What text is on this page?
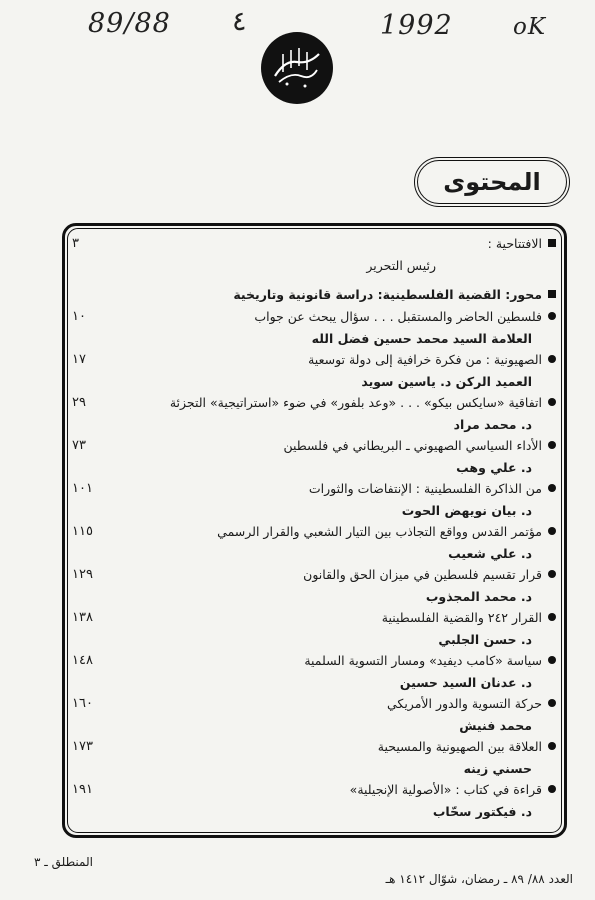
89/88 ٤	1992	oK
المحتوى
الافتتاحية :
٣
رئيس التحرير
محور: القضية الفلسطينية: دراسة قانونية وتاريخية
فلسطين الحاضر والمستقبل . . . سؤال يبحث عن جواب
١٠
العلامة السيد محمد حسين فضل الله
الصهيونية : من فكرة خرافية إلى دولة توسعية
١٧
العميد الركن د. ياسين سويد
اتفاقية «سايكس بيكو» . . . «وعد بلفور» في ضوء «استراتيجية» التجزئة
٢٩
د. محمد مراد
الأداء السياسي الصهيوني ـ البريطاني في فلسطين
٧٣
د. علي وهب
من الذاكرة الفلسطينية : الإنتفاضات والثورات
١٠١
د. بيان نويهض الحوت
مؤتمر القدس وواقع التجاذب بين التيار الشعبي والقرار الرسمي
١١٥
د. علي شعيب
قرار تقسيم فلسطين في ميزان الحق والقانون
١٢٩
د. محمد المجذوب
القرار ٢٤٢ والقضية الفلسطينية
١٣٨
د. حسن الجلبي
سياسة «كامب ديفيد» ومسار التسوية السلمية
١٤٨
د. عدنان السيد حسين
حركة التسوية والدور الأمريكي
١٦٠
محمد فنيش
العلاقة بين الصهيونية والمسيحية
١٧٣
حسني زينه
قراءة في كتاب : «الأصولية الإنجيلية»
١٩١
د. فيكتور سحّاب
المنطلق ـ ٣
العدد ٨٨/ ٨٩ ـ رمضان، شوّال ١٤١٢ هـ
